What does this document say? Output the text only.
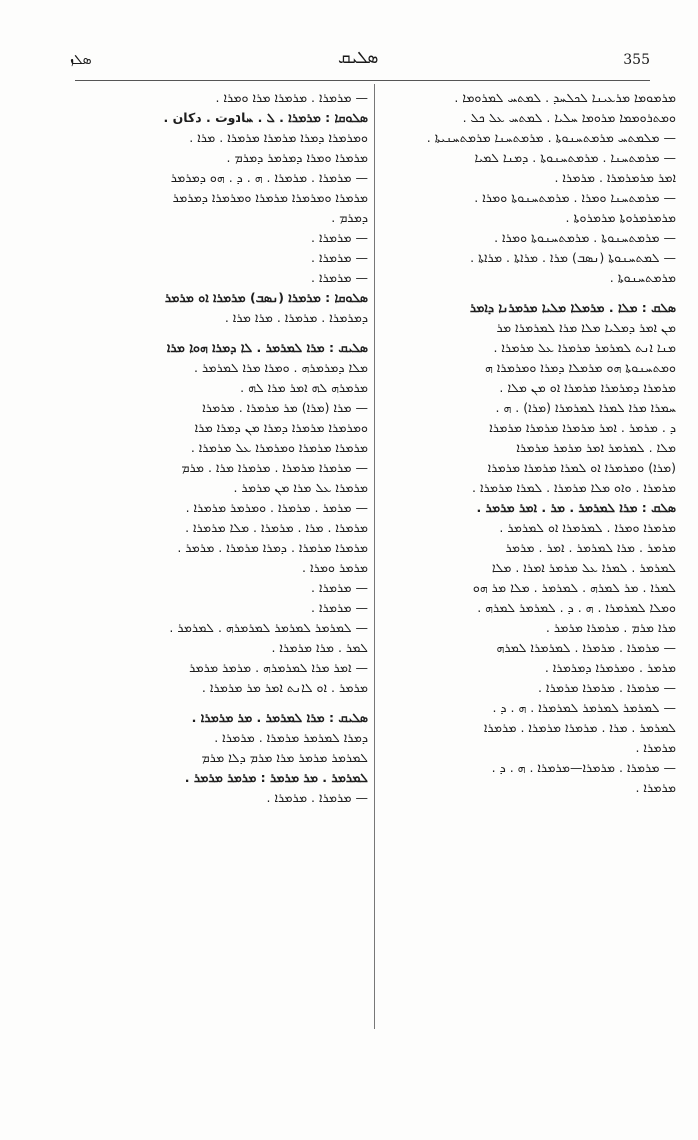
ܣܠܙ	ܣܠܝܩ	355
ܡܪܡܘܡܐ ܡܪܥܝܢܐ ܠܟܠܚܕ . ܠܡܬܚ ܠܡܪܘܡܐ .
ܘܡܬܪܘܡܡܐ ܡܪܘܡܐ ܚܠܝܐ . ܠܡܬܚ ܥܠ ܟܠ .
— ܡܠܡܬܚ ܡܪܡܬܚܢܘܬܐ . ܡܪܡܬܚܢܐ ܡܪܡܬܚܢܝܬܐ .
— ܡܪܡܬܚܢܐ . ܡܪܡܬܚܢܘܬܐ . ܕܡܢܐ ܠܡܝܐ
ܐܡܪ ܡܪܡܪܡܪܐ . ܡܪܡܪܐ .
— ܡܪܡܬܚܢܐ ܘܡܪܐ . ܡܪܡܬܚܢܘܬܐ ܘܡܪܐ .
ܡܪܡܪܡܪܘܬܐ ܡܪܡܪܘܬܐ .
— ܡܪܡܬܚܢܘܬܐ . ܡܪܡܬܚܢܘܬܐ ܘܡܪܐ .
— ܠܡܬܚܢܘܬܐ (ܢܣܒ) ܡܪܐ . ܡܪܐܬܐ . ܡܪܐܬܐ .
ܡܪܡܬܚܢܘܬܐ .
ܣܠܩ : ܡܠܐ . ܡܪܡܠܐ ܡܠܝܐ ܡܪܡܪܢܐ ܕܐܡܪ
ܡܢ ܐܡܪ ܕܡܠܝܐ ܡܠܐ ܡܪܐ ܠܡܪܡܪܐ ܡܪ
ܡܢܐ ܐܢܬ ܠܡܪܡܪ ܡܪܡܪܐ ܥܠ ܡܪܡܪܐ .
ܘܡܬܚܢܘܬܐ ܗܘ ܡܪܡܠܐ ܕܡܪܐ ܘܡܪܡܪܐ ܗ
ܡܪܡܪܐ ܕܡܪܡܪܐ ܡܪܡܪܐ ܐܘ ܡܢ ܡܠܐ .
ܚܡܪܐ ܡܪܐ ܠܡܪܐ ܠܡܪܡܪܐ (ܡܪܐ) . ܗ .
ܕ . ܡܪܡܪ . ܐܡܪ ܡܪܡܪܐ ܡܪܡܪܐ ܡܪܡܪܐ
ܡܠܐ . ܠܡܪܡܪ ܐܡܪ ܡܪܡܪ ܡܪܡܪܐ
(ܡܪܐ) ܘܡܪܡܪܐ ܐܘ ܠܡܪܐ ܡܪܡܪܐ ܡܪܡܪܐ
ܡܪܡܪܐ . ܘܐܘ ܡܠܐ ܡܪܡܪܐ . ܠܡܪܐ ܡܪܡܪܐ .
ܣܠܩ : ܡܪܐ ܠܡܪܡܪ . ܡܪ . ܐܡܪ ܡܪܡܪ .
ܡܪܡܪܐ ܘܡܪܐ . ܠܡܪܡܪܐ ܐܘ ܠܡܪܡܪ .
ܡܪܡܪ . ܡܪܐ ܠܡܪܡܪ . ܐܡܪ . ܡܪܡܪ
ܠܡܪܡܪ . ܠܡܪܐ ܥܠ ܡܪܡܪ ܐܡܪܐ . ܡܠܐ
ܠܡܪܐ . ܡܪ ܠܡܪܗ . ܠܡܪܡܪ . ܡܠܐ ܡܪ ܗܘ
ܘܡܠܐ ܠܡܪܡܪܐ . ܗ . ܕ . ܠܡܪܡܪ ܠܡܪܗ .
ܡܪܐ ܡܪܡ . ܡܪܡܪܐ ܡܪܡܪ .
— ܡܪܡܪܐ . ܡܪܡܪܐ . ܠܡܪܡܪܐ ܠܡܪܗ
ܡܪܡܪ . ܘܡܪܡܪܐ ܕܡܪܡܪܐ .
— ܡܪܡܪܐ . ܡܪܡܪܐ ܡܪܡܪܐ .
— ܠܡܪܡܪ ܠܡܪܡܪ ܠܡܪܡܪܐ . ܗ . ܕ .
ܠܡܪܡܪ . ܡܪܐ . ܡܪܡܪܐ ܡܪܡܪܐ . ܡܪܡܪܐ
ܡܪܡܪܐ .
— ܡܪܡܪܐ . ܡܪܡܪܐ—ܡܪܡܪܐ . ܗ . ܕ .
ܡܪܡܪܐ .
— ܡܪܡܪܐ . ܡܪܡܪܐ ܡܪܐ ܘܡܪܐ .
ܣܠܘܩܐ : ܡܪܡܪܐ . ܠ . ܚاנوت . دكان .
ܘܡܪܡܪܐ ܕܡܪܐ ܡܪܡܪܐ ܡܪܡܪܐ . ܡܪܐ .
ܡܪܡܪܐ ܘܡܪܐ ܕܡܪܡܪ ܕܡܪܡ .
— ܡܪܡܪܐ . ܡܪܡܪܐ . ܗ . ܕ . ܗܘ ܕܡܪܡܪ
ܡܪܡܪܐ ܘܡܪܡܪܐ ܡܪܡܪܐ ܘܡܪܡܪܐ ܕܡܪܡܪ
ܕܡܪܡ .
— ܡܪܡܪܐ .
— ܡܪܡܪܐ .
— ܡܪܡܪܐ .
ܣܠܘܩܐ : ܡܪܡܪܐ (ܢܣܒ) ܡܪܡܪܐ ܐܘ ܡܪܡܪ
ܕܡܪܡܪܐ . ܡܪܡܪܐ . ܡܪܐ ܡܪܐ .
ܣܠܝܩ : ܡܪܐ ܠܡܪܡܪ . ܠܐ ܕܡܪܐ ܗܘܐ ܡܪܐ
ܡܠܐ ܕܡܪܡܪܗ . ܘܡܪܐ ܡܪܐ ܠܡܪܡܪ .
ܡܪܡܪܗ ܠܗ ܐܡܪ ܡܪܐ ܠܗ .
— ܡܪܐ (ܡܪܐ) ܡܪ ܡܪܡܪܐ . ܡܪܡܪܐ
ܘܡܪܡܪܐ ܡܪܡܪܐ ܕܡܪܐ ܡܢ ܕܡܪܐ ܡܪܐ
ܡܪܡܪܐ ܡܪܡܪܐ ܘܡܪܡܪܐ ܥܠ ܡܪܡܪܐ .
— ܡܪܡܪܐ ܡܪܡܪܐ . ܡܪܡܪܐ ܡܪܐ . ܡܪܡ
ܡܪܡܪܐ ܥܠ ܡܪܐ ܡܢ ܡܪܡܪ .
— ܡܪܡܪ . ܡܪܡܪܐ . ܘܡܪܡܪ ܡܪܡܪܐ .
ܡܪܡܪܐ . ܡܪܐ . ܡܪܡܪܐ . ܡܠܐ ܡܪܡܪܐ .
ܡܪܡܪܐ ܡܪܡܪܐ . ܕܡܪܐ ܡܪܡܪܐ . ܡܪܡܪ .
ܡܪܡܪ ܘܡܪܐ .
— ܡܪܡܪܐ .
— ܡܪܡܪܐ .
— ܠܡܪܡܪ ܠܡܪܡܪ ܠܡܪܡܪܗ . ܠܡܪܡܪ .
ܠܡܪ . ܡܪܐ ܡܪܡܪܐ .
— ܐܡܪ ܡܪܐ ܠܡܪܡܪܗ . ܡܪܡܪ ܡܪܡܪ
ܡܪܡܪ . ܐܘ ܠܐܢܬ ܐܡܪ ܡܪ ܡܪܡܪܐ .
ܣܠܝܩ : ܡܪܐ ܠܡܪܡܪ . ܡܪ ܡܪܡܪܐ .
ܕܡܪܐ ܠܡܪܡܪ ܡܪܡܪܐ . ܡܪܡܪܐ .
ܠܡܪܡܪ ܡܪܡܪ ܡܪܐ ܡܪܡ ܕܠܐ ܡܪܡ
ܠܡܪܡܪ . ܡܪ ܡܪܡܪ : ܡܪܡܪ ܡܪܡܪ .
— ܡܪܡܪܐ . ܡܪܡܪܐ .
